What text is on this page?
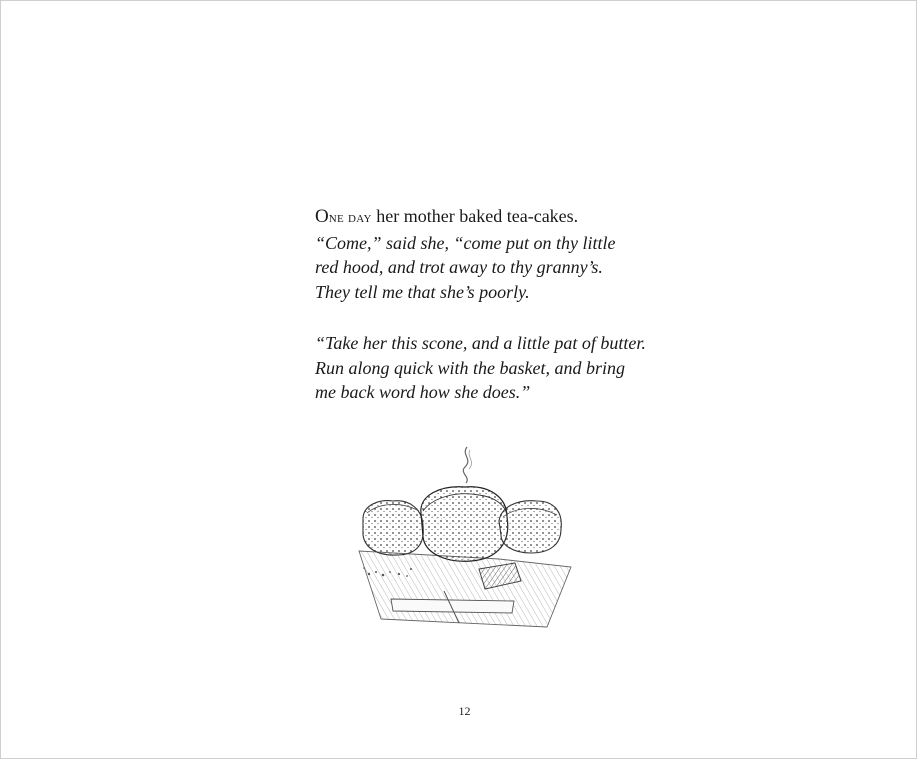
One day her mother baked tea-cakes.
“Come,” said she, “come put on thy little
red hood, and trot away to thy granny’s.
They tell me that she’s poorly.

“Take her this scone, and a little pat of butter.
Run along quick with the basket, and bring
me back word how she does.”

12
